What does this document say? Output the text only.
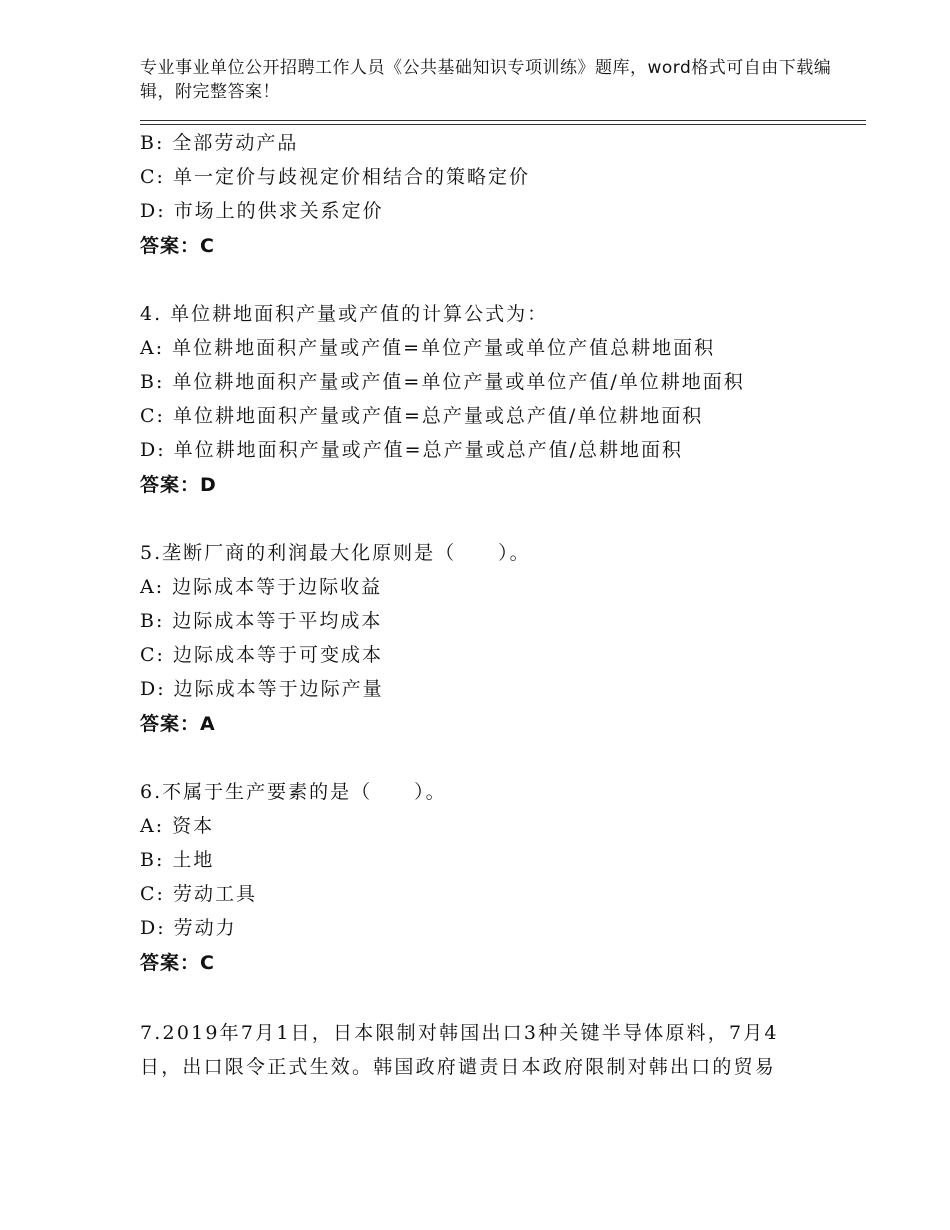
专业事业单位公开招聘工作人员《公共基础知识专项训练》题库，word格式可自由下载编辑，附完整答案！
B: 全部劳动产品
C: 单一定价与歧视定价相结合的策略定价
D: 市场上的供求关系定价
答案：C
4. 单位耕地面积产量或产值的计算公式为：
A: 单位耕地面积产量或产值=单位产量或单位产值总耕地面积
B: 单位耕地面积产量或产值=单位产量或单位产值/单位耕地面积
C: 单位耕地面积产量或产值=总产量或总产值/单位耕地面积
D: 单位耕地面积产量或产值=总产量或总产值/总耕地面积
答案：D
5.垄断厂商的利润最大化原则是（　　）。
A: 边际成本等于边际收益
B: 边际成本等于平均成本
C: 边际成本等于可变成本
D: 边际成本等于边际产量
答案：A
6.不属于生产要素的是（　　）。
A: 资本
B: 土地
C: 劳动工具
D: 劳动力
答案：C
7.2019年7月1日，日本限制对韩国出口3种关键半导体原料，7月4日，出口限令正式生效。韩国政府谴责日本政府限制对韩出口的贸易
